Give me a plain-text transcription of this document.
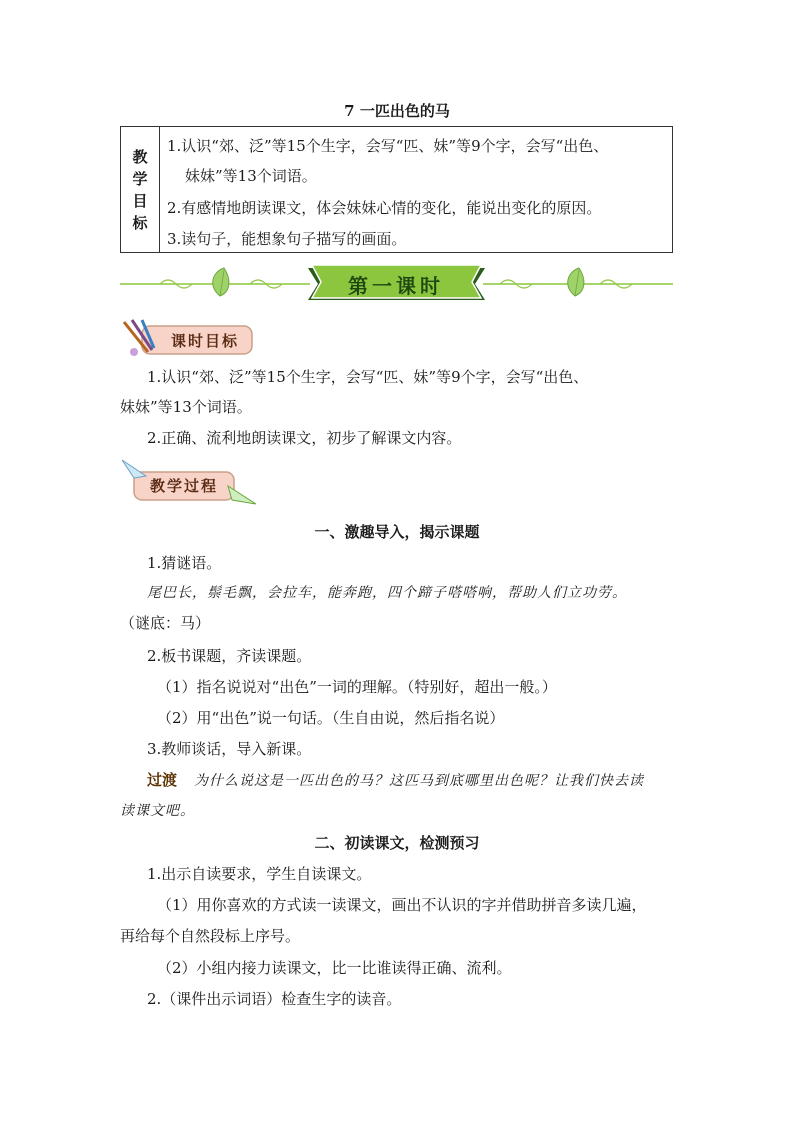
7 一匹出色的马
教
学
目
标
1.认识“郊、泛”等15个生字，会写“匹、妹”等9个字，会写“出色、
妹妹”等13个词语。
2.有感情地朗读课文，体会妹妹心情的变化，能说出变化的原因。
3.读句子，能想象句子描写的画面。
第一课时
课时目标
1.认识“郊、泛”等15个生字，会写“匹、妹”等9个字，会写“出色、
妹妹”等13个词语。
2.正确、流利地朗读课文，初步了解课文内容。
教学过程
一、激趣导入，揭示课题
1.猜谜语。
尾巴长，鬃毛飘，会拉车，能奔跑，四个蹄子嗒嗒响，帮助人们立功劳。
（谜底：马）
2.板书课题，齐读课题。
（1）指名说说对“出色”一词的理解。（特别好，超出一般。）
（2）用“出色”说一句话。（生自由说，然后指名说）
3.教师谈话，导入新课。
过渡 为什么说这是一匹出色的马？这匹马到底哪里出色呢？让我们快去读
读课文吧。
二、初读课文，检测预习
1.出示自读要求，学生自读课文。
（1）用你喜欢的方式读一读课文，画出不认识的字并借助拼音多读几遍，
再给每个自然段标上序号。
（2）小组内接力读课文，比一比谁读得正确、流利。
2.（课件出示词语）检查生字的读音。
